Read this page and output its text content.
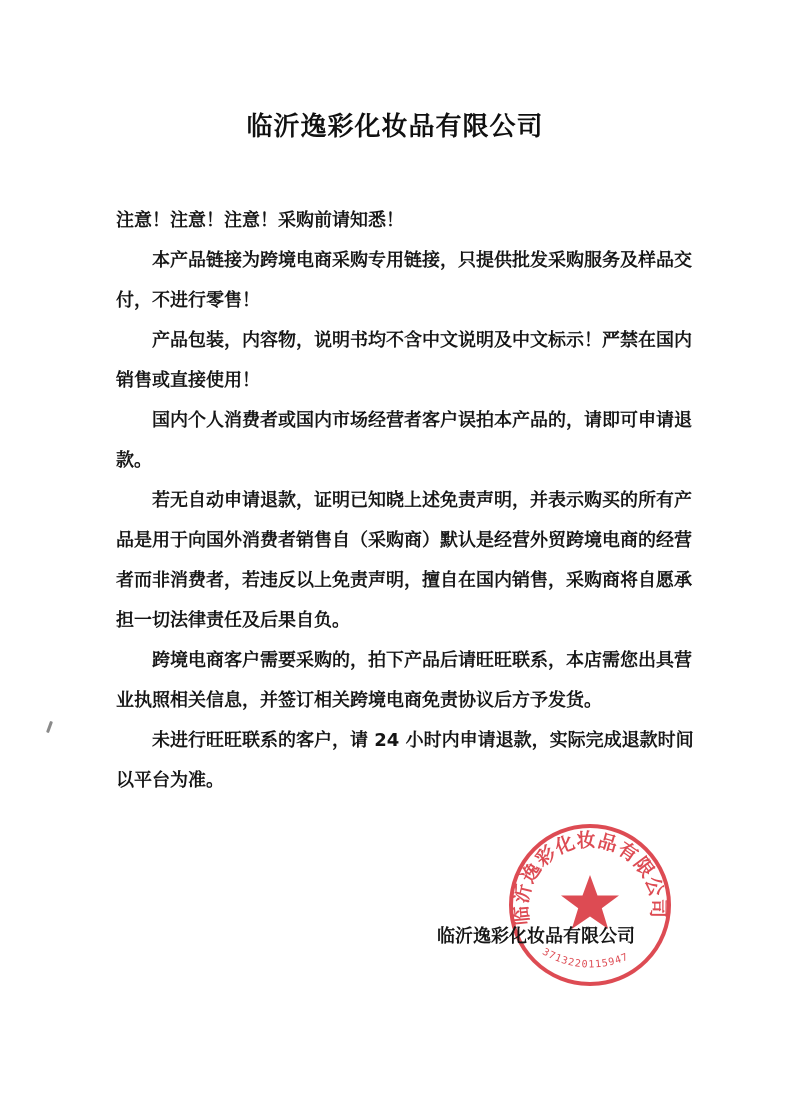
临沂逸彩化妆品有限公司

注意！注意！注意！采购前请知悉！

本产品链接为跨境电商采购专用链接，只提供批发采购服务及样品交付，不进行零售！

产品包装，内容物，说明书均不含中文说明及中文标示！严禁在国内销售或直接使用！

国内个人消费者或国内市场经营者客户误拍本产品的，请即可申请退款。

若无自动申请退款，证明已知晓上述免责声明，并表示购买的所有产品是用于向国外消费者销售自（采购商）默认是经营外贸跨境电商的经营者而非消费者，若违反以上免责声明，擅自在国内销售，采购商将自愿承担一切法律责任及后果自负。

跨境电商客户需要采购的，拍下产品后请旺旺联系，本店需您出具营业执照相关信息，并签订相关跨境电商免责协议后方予发货。

未进行旺旺联系的客户，请 24 小时内申请退款，实际完成退款时间以平台为准。

临沂逸彩化妆品有限公司
3713220115947
临沂逸彩化妆品有限公司
